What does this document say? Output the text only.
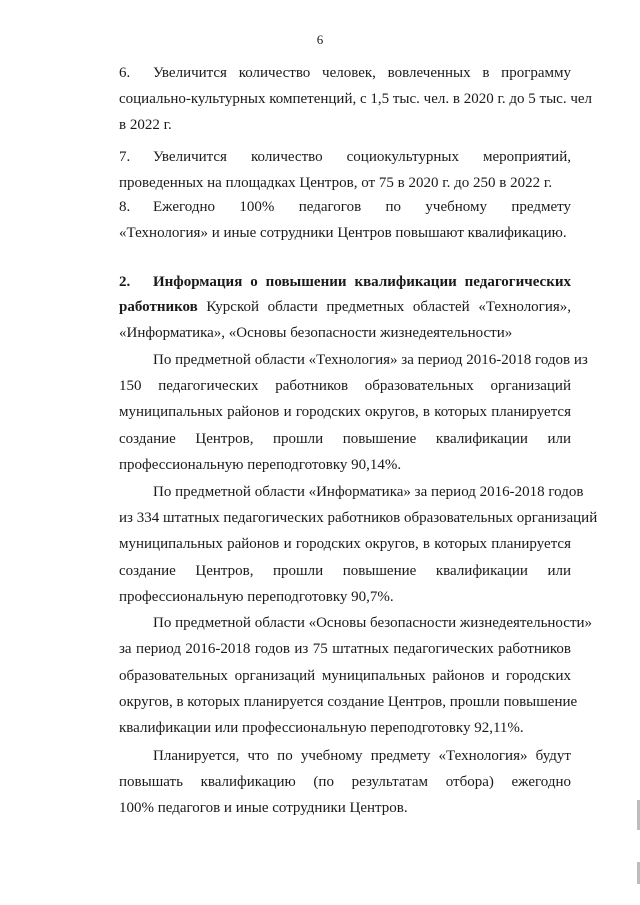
6
6. Увеличится количество человек, вовлеченных в программу
социально-культурных компетенций, с 1,5 тыс. чел. в 2020 г. до 5 тыс. чел
в 2022 г.
7. Увеличится количество социокультурных мероприятий,
проведенных на площадках Центров, от 75 в 2020 г. до 250 в 2022 г.
8. Ежегодно 100% педагогов по учебному предмету
«Технология» и иные сотрудники Центров повышают квалификацию.
2. Информация о повышении квалификации педагогических
работников Курской области предметных областей «Технология»,
«Информатика», «Основы безопасности жизнедеятельности»
По предметной области «Технология» за период 2016-2018 годов из
150 педагогических работников образовательных организаций
муниципальных районов и городских округов, в которых планируется
создание Центров, прошли повышение квалификации или
профессиональную переподготовку 90,14%.
По предметной области «Информатика» за период 2016-2018 годов
из 334 штатных педагогических работников образовательных организаций
муниципальных районов и городских округов, в которых планируется
создание Центров, прошли повышение квалификации или
профессиональную переподготовку 90,7%.
По предметной области «Основы безопасности жизнедеятельности»
за период 2016-2018 годов из 75 штатных педагогических работников
образовательных организаций муниципальных районов и городских
округов, в которых планируется создание Центров, прошли повышение
квалификации или профессиональную переподготовку 92,11%.
Планируется, что по учебному предмету «Технология» будут
повышать квалификацию (по результатам отбора) ежегодно
100% педагогов и иные сотрудники Центров.
